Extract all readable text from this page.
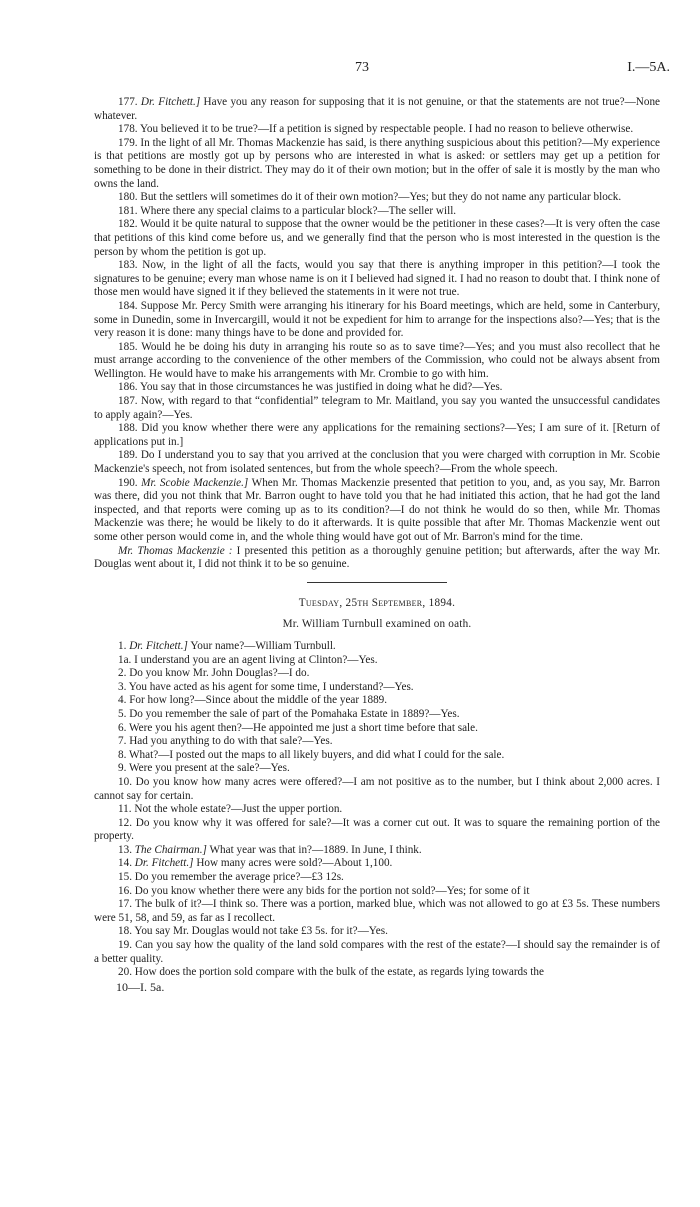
73	I.—5A.

177. Dr. Fitchett.] Have you any reason for supposing that it is not genuine, or that the statements are not true?—None whatever.

178. You believed it to be true?—If a petition is signed by respectable people. I had no reason to believe otherwise.

179. In the light of all Mr. Thomas Mackenzie has said, is there anything suspicious about this petition?—My experience is that petitions are mostly got up by persons who are interested in what is asked: or settlers may get up a petition for something to be done in their district. They may do it of their own motion; but in the offer of sale it is mostly by the man who owns the land.

180. But the settlers will sometimes do it of their own motion?—Yes; but they do not name any particular block.

181. Where there any special claims to a particular block?—The seller will.

182. Would it be quite natural to suppose that the owner would be the petitioner in these cases?—It is very often the case that petitions of this kind come before us, and we generally find that the person who is most interested in the question is the person by whom the petition is got up.

183. Now, in the light of all the facts, would you say that there is anything improper in this petition?—I took the signatures to be genuine; every man whose name is on it I believed had signed it. I had no reason to doubt that. I think none of those men would have signed it if they believed the statements in it were not true.

184. Suppose Mr. Percy Smith were arranging his itinerary for his Board meetings, which are held, some in Canterbury, some in Dunedin, some in Invercargill, would it not be expedient for him to arrange for the inspections also?—Yes; that is the very reason it is done: many things have to be done and provided for.

185. Would he be doing his duty in arranging his route so as to save time?—Yes; and you must also recollect that he must arrange according to the convenience of the other members of the Commission, who could not be always absent from Wellington. He would have to make his arrangements with Mr. Crombie to go with him.

186. You say that in those circumstances he was justified in doing what he did?—Yes.

187. Now, with regard to that “confidential” telegram to Mr. Maitland, you say you wanted the unsuccessful candidates to apply again?—Yes.

188. Did you know whether there were any applications for the remaining sections?—Yes; I am sure of it. [Return of applications put in.]

189. Do I understand you to say that you arrived at the conclusion that you were charged with corruption in Mr. Scobie Mackenzie's speech, not from isolated sentences, but from the whole speech?—From the whole speech.

190. Mr. Scobie Mackenzie.] When Mr. Thomas Mackenzie presented that petition to you, and, as you say, Mr. Barron was there, did you not think that Mr. Barron ought to have told you that he had initiated this action, that he had got the land inspected, and that reports were coming up as to its condition?—I do not think he would do so then, while Mr. Thomas Mackenzie was there; he would be likely to do it afterwards. It is quite possible that after Mr. Thomas Mackenzie went out some other person would come in, and the whole thing would have got out of Mr. Barron's mind for the time.

Mr. Thomas Mackenzie : I presented this petition as a thoroughly genuine petition; but afterwards, after the way Mr. Douglas went about it, I did not think it to be so genuine.

Tuesday, 25th September, 1894.

Mr. William Turnbull examined on oath.

1. Dr. Fitchett.] Your name?—William Turnbull.

1a. I understand you are an agent living at Clinton?—Yes.

2. Do you know Mr. John Douglas?—I do.

3. You have acted as his agent for some time, I understand?—Yes.

4. For how long?—Since about the middle of the year 1889.

5. Do you remember the sale of part of the Pomahaka Estate in 1889?—Yes.

6. Were you his agent then?—He appointed me just a short time before that sale.

7. Had you anything to do with that sale?—Yes.

8. What?—I posted out the maps to all likely buyers, and did what I could for the sale.

9. Were you present at the sale?—Yes.

10. Do you know how many acres were offered?—I am not positive as to the number, but I think about 2,000 acres. I cannot say for certain.

11. Not the whole estate?—Just the upper portion.

12. Do you know why it was offered for sale?—It was a corner cut out. It was to square the remaining portion of the property.

13. The Chairman.] What year was that in?—1889. In June, I think.

14. Dr. Fitchett.] How many acres were sold?—About 1,100.

15. Do you remember the average price?—£3 12s.

16. Do you know whether there were any bids for the portion not sold?—Yes; for some of it

17. The bulk of it?—I think so. There was a portion, marked blue, which was not allowed to go at £3 5s. These numbers were 51, 58, and 59, as far as I recollect.

18. You say Mr. Douglas would not take £3 5s. for it?—Yes.

19. Can you say how the quality of the land sold compares with the rest of the estate?—I should say the remainder is of a better quality.

20. How does the portion sold compare with the bulk of the estate, as regards lying towards the

10—I. 5a.
